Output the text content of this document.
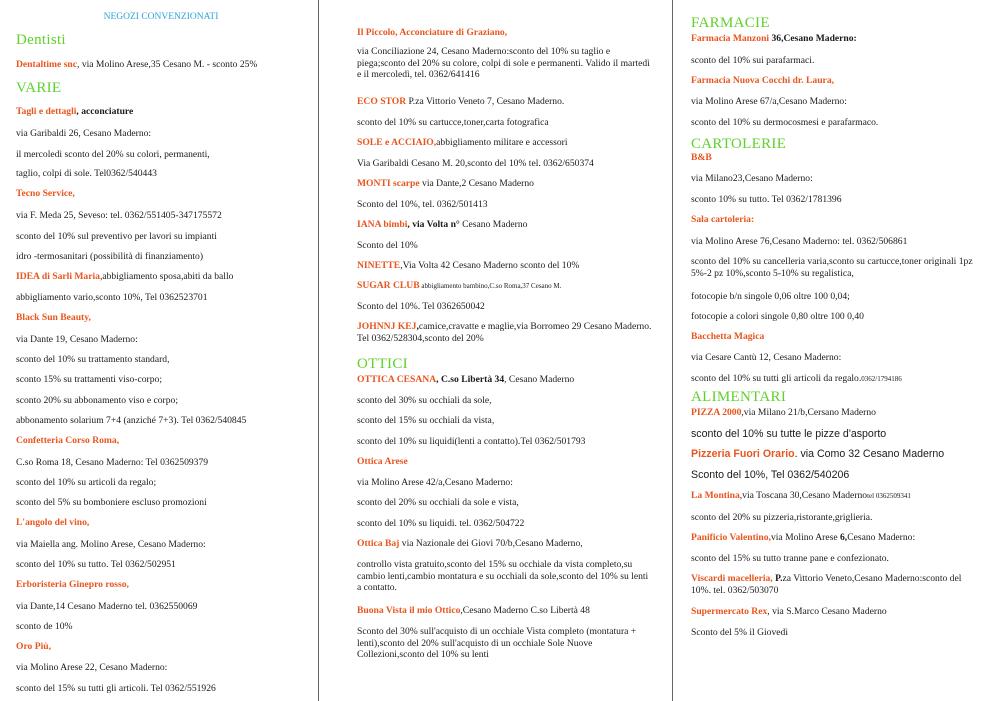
NEGOZI CONVENZIONATI
Dentisti
Dentaltime snc, via Molino Arese,35 Cesano M. - sconto 25%
VARIE
Tagli e dettagli, acconciature
via Garibaldi 26, Cesano Maderno:
il mercoledì sconto del 20% su colori, permanenti,
taglio, colpi di sole. Tel0362/540443
Tecno Service,
via F. Meda 25, Seveso: tel. 0362/551405-347175572
sconto del 10% sul preventivo per lavori su impianti
idro -termosanitari (possibilità di finanziamento)
IDEA di Sarli Maria,abbigliamento sposa,abiti da ballo
abbigliamento vario,sconto 10%, Tel 0362523701
Black Sun Beauty,
via Dante 19, Cesano Maderno:
sconto del 10% su trattamento standard,
sconto 15% su trattamenti viso-corpo;
sconto 20% su abbonamento viso e corpo;
abbonamento solarium 7+4 (anziché 7+3). Tel 0362/540845
Confetteria Corso Roma,
C.so Roma 18, Cesano Maderno: Tel 0362509379
sconto del 10% su articoli da regalo;
sconto del 5% su bomboniere escluso promozioni
L'angolo del vino,
via Maiella ang. Molino Arese, Cesano Maderno:
sconto del 10% su tutto. Tel 0362/502951
Erboristeria Ginepro rosso,
via Dante,14 Cesano Maderno tel. 0362550069
sconto de 10%
Oro Più,
via Molino Arese 22, Cesano Maderno:
sconto del 15% su tutti gli articoli. Tel 0362/551926
Il Piccolo, Acconciature di Graziano,
via Conciliazione 24, Cesano Maderno:sconto del 10% su taglio e piega;sconto del 20% su colore, colpi di sole e permanenti. Valido il martedì e il mercoledì, tel. 0362/641416
ECO STOR P.za Vittorio Veneto 7, Cesano Maderno.
sconto del 10% su cartucce,toner,carta fotografica
SOLE e ACCIAIO,abbigliamento militare e accessori
Via Garibaldi Cesano M. 20,sconto del 10% tel. 0362/650374
MONTI scarpe via Dante,2 Cesano Maderno
Sconto del 10%, tel. 0362/501413
IANA bimbi, via Volta n° Cesano Maderno
Sconto del 10%
NINETTE,Via Volta 42 Cesano Maderno sconto del 10%
SUGAR CLUB abbigliamento bambino,C.so Roma,37 Cesano M.
Sconto del 10%. Tel 0362650042
JOHNNJ KEJ,camice,cravatte e maglie,via Borromeo 29 Cesano Maderno. Tel 0362/528304,sconto del 20%
OTTICI
OTTICA CESANA, C.so Libertà 34, Cesano Maderno
sconto del 30% su occhiali da sole,
sconto del 15% su occhiali da vista,
sconto del 10% su liquidi(lenti a contatto).Tel 0362/501793
Ottica Arese
via Molino Arese 42/a,Cesano Maderno:
sconto del 20% su occhiali da sole e vista,
sconto del 10% su liquidi. tel. 0362/504722
Ottica Baj via Nazionale dei Giovi 70/b,Cesano Maderno,
controllo vista gratuito,sconto del 15% su occhiale da vista completo,su cambio lenti,cambio montatura e su occhiali da sole,sconto del 10% su lenti a contatto.
Buona Vista il mio Ottico,Cesano Maderno C.so Libertà 48
Sconto del 30% sull'acquisto di un occhiale Vista completo (montatura + lenti),sconto del 20% sull'acquisto di un occhiale Sole Nuove Collezioni,sconto del 10% su lenti
FARMACIE
Farmacia Manzoni 36,Cesano Maderno:
sconto del 10% sui parafarmaci.
Farmacia Nuova Cocchi dr. Laura,
via Molino Arese 67/a,Cesano Maderno:
sconto del 10% su dermocosmesi e parafarmaco.
CARTOLERIE
B&B
via Milano23,Cesano Maderno:
sconto 10% su tutto. Tel 0362/1781396
Sala cartoleria:
via Molino Arese 76,Cesano Maderno: tel. 0362/506861
sconto del 10% su cancelleria varia,sconto su cartucce,toner originali 1pz 5%-2 pz 10%,sconto 5-10% su regalistica,
fotocopie b/n singole 0,06 oltre 100 0,04;
fotocopie a colori singole 0,80 oltre 100 0,40
Bacchetta Magica
via Cesare Cantù 12, Cesano Maderno:
sconto del 10% su tutti gli articoli da regalo.0362/1794186
ALIMENTARI
PIZZA 2000,via Milano 21/b,Cersano Maderno
sconto del 10% su tutte le pizze d'asporto
Pizzeria Fuori Orario. via Como 32 Cesano Maderno
Sconto del 10%, Tel 0362/540206
La Montina,via Toscana 30,Cesano Madernotel 0362509341
sconto del 20% su pizzeria,ristorante,griglieria.
Panificio Valentino,via Molino Arese 6,Cesano Maderno:
sconto del 15% su tutto tranne pane e confezionato.
Viscardi macelleria, P.za Vittorio Veneto,Cesano Maderno:sconto del 10%. tel. 0362/503070
Supermercato Rex, via S.Marco Cesano Maderno
Sconto del 5% il Giovedì
